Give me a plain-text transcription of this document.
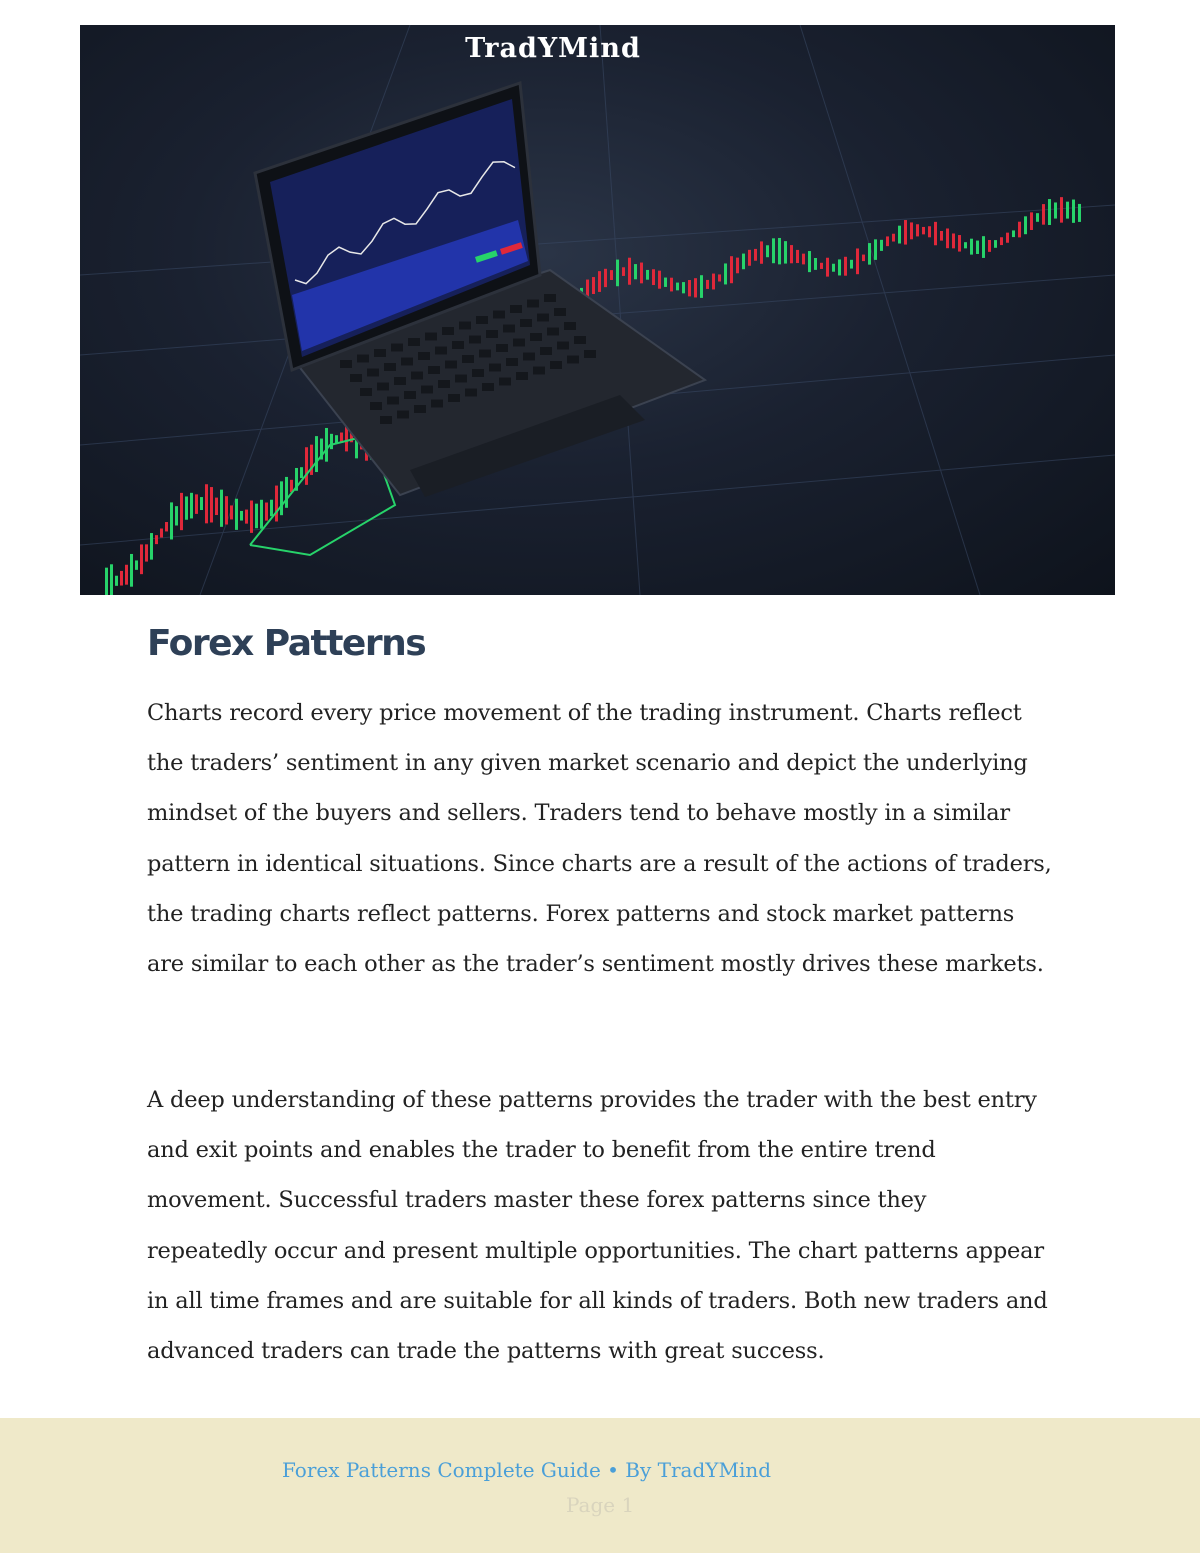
TradYMind
Forex Patterns

Charts record every price movement of the trading instrument. Charts reflect the traders’ sentiment in any given market scenario and depict the underlying mindset of the buyers and sellers. Traders tend to behave mostly in a similar pattern in identical situations. Since charts are a result of the actions of traders, the trading charts reflect patterns. Forex patterns and stock market patterns are similar to each other as the trader’s sentiment mostly drives these markets.

A deep understanding of these patterns provides the trader with the best entry and exit points and enables the trader to benefit from the entire trend movement. Successful traders master these forex patterns since they repeatedly occur and present multiple opportunities. The chart patterns appear in all time frames and are suitable for all kinds of traders. Both new traders and advanced traders can trade the patterns with great success.

Forex Patterns Complete Guide • By TradYMind
Page 1
